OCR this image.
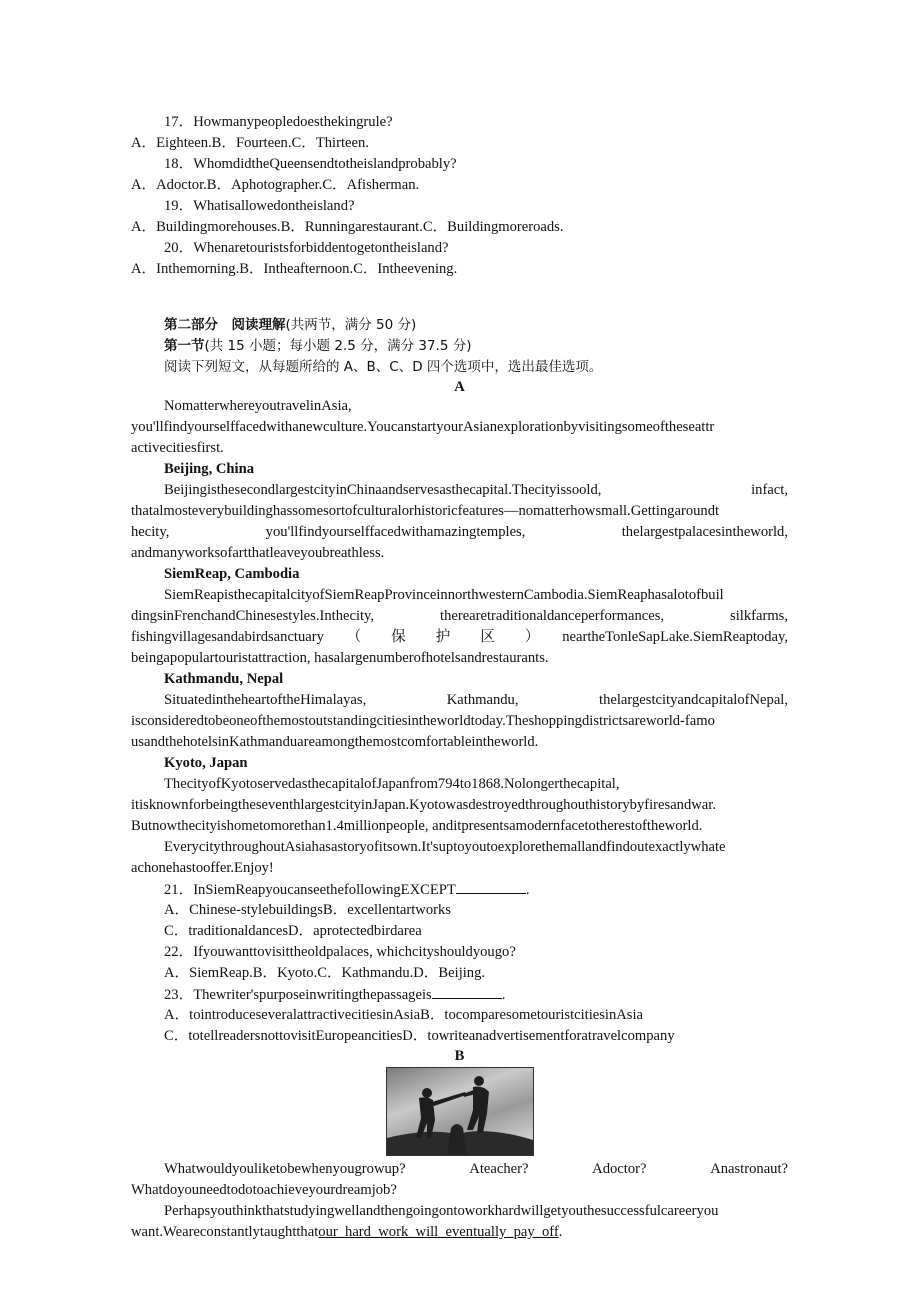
17．Howmanypeopledoesthekingrule?
A．Eighteen.B．Fourteen.C．Thirteen.
18．WhomdidtheQueensendtotheislandprobably?
A．Adoctor.B．Aphotographer.C．Afisherman.
19．Whatisallowedontheisland?
A．Buildingmorehouses.B．Runningarestaurant.C．Buildingmoreroads.
20．Whenaretouristsforbiddentogetontheisland?
A．Inthemorning.B．Intheafternoon.C．Intheevening.
第二部分　阅读理解(共两节，满分 50 分)
第一节(共 15 小题；每小题 2.5 分，满分 37.5 分)
阅读下列短文，从每题所给的 A、B、C、D 四个选项中，选出最佳选项。
A
NomatterwhereyoutravelinAsia,
you'llfindyourselffacedwithanewculture.YoucanstartyourAsianexplorationbyvisitingsomeoftheseattr
activecitiesfirst.
Beijing, China
BeijingisthesecondlargestcityinChinaandservesasthecapital.Thecityissoold,　　　　infact,
thatalmosteverybuildinghassomesortofculturalorhistoricfeatures—nomatterhowsmall.Gettingaroundt
hecity,　　you'llfindyourselffacedwithamazingtemples,　　thelargestpalacesintheworld,
andmanyworksofartthatleaveyoubreathless.
SiemReap, Cambodia
SiemReapisthecapitalcityofSiemReapProvinceinnorthwesternCambodia.SiemReaphasalotofbuil
dingsinFrenchandChinesestyles.Inthecity,　　therearetraditionaldanceperformances,　　silkfarms,
fishingvillagesandabirdsanctuary　（　保　护　区　）　neartheTonleSapLake.SiemReaptoday,
beingapopulartouristattraction, hasalargenumberofhotelsandrestaurants.
Kathmandu, Nepal
SituatedintheheartoftheHimalayas,　　Kathmandu,　　thelargestcityandcapitalofNepal,
isconsideredtobeoneofthemostoutstandingcitiesintheworldtoday.Theshoppingdistrictsareworld-famo
usandthehotelsinKathmanduareamongthemostcomfortableintheworld.
Kyoto, Japan
ThecityofKyotoservedasthecapitalofJapanfrom794to1868.Nolongerthecapital,
itisknownforbeingtheseventhlargestcityinJapan.Kyotowasdestroyedthroughouthistorybyfiresandwar.
Butnowthecityishometomorethan1.4millionpeople, anditpresentsamodernfacetotherestoftheworld.
EverycitythroughoutAsiahasastoryofitsown.It'suptoyoutoexplorethemallandfindoutexactlywhate
achonehastooffer.Enjoy!
21．InSiemReapyoucanseethefollowingEXCEPT	.
A．Chinese-stylebuildingsB．excellentartworks
C．traditionaldancesD．aprotectedbirdarea
22．Ifyouwanttovisittheoldpalaces, whichcityshouldyougo?
A．SiemReap.B．Kyoto.C．Kathmandu.D．Beijing.
23．Thewriter'spurposeinwritingthepassageis	.
A．tointroduceseveralattractivecitiesinAsiaB．tocomparesometouristcitiesinAsia
C．totellreadersnottovisitEuropeancitiesD．towriteanadvertisementforatravelcompany
B
Whatwouldyouliketobewhenyougrowup?　　Ateacher?　　Adoctor?　　Anastronaut?
Whatdoyouneedtodotoachieveyourdreamjob?
Perhapsyouthinkthatstudyingwellandthengoingontoworkhardwillgetyouthesuccessfulcareeryou
want.Weareconstantlytaughtthatour_hard_work_will_eventually_pay_off.
